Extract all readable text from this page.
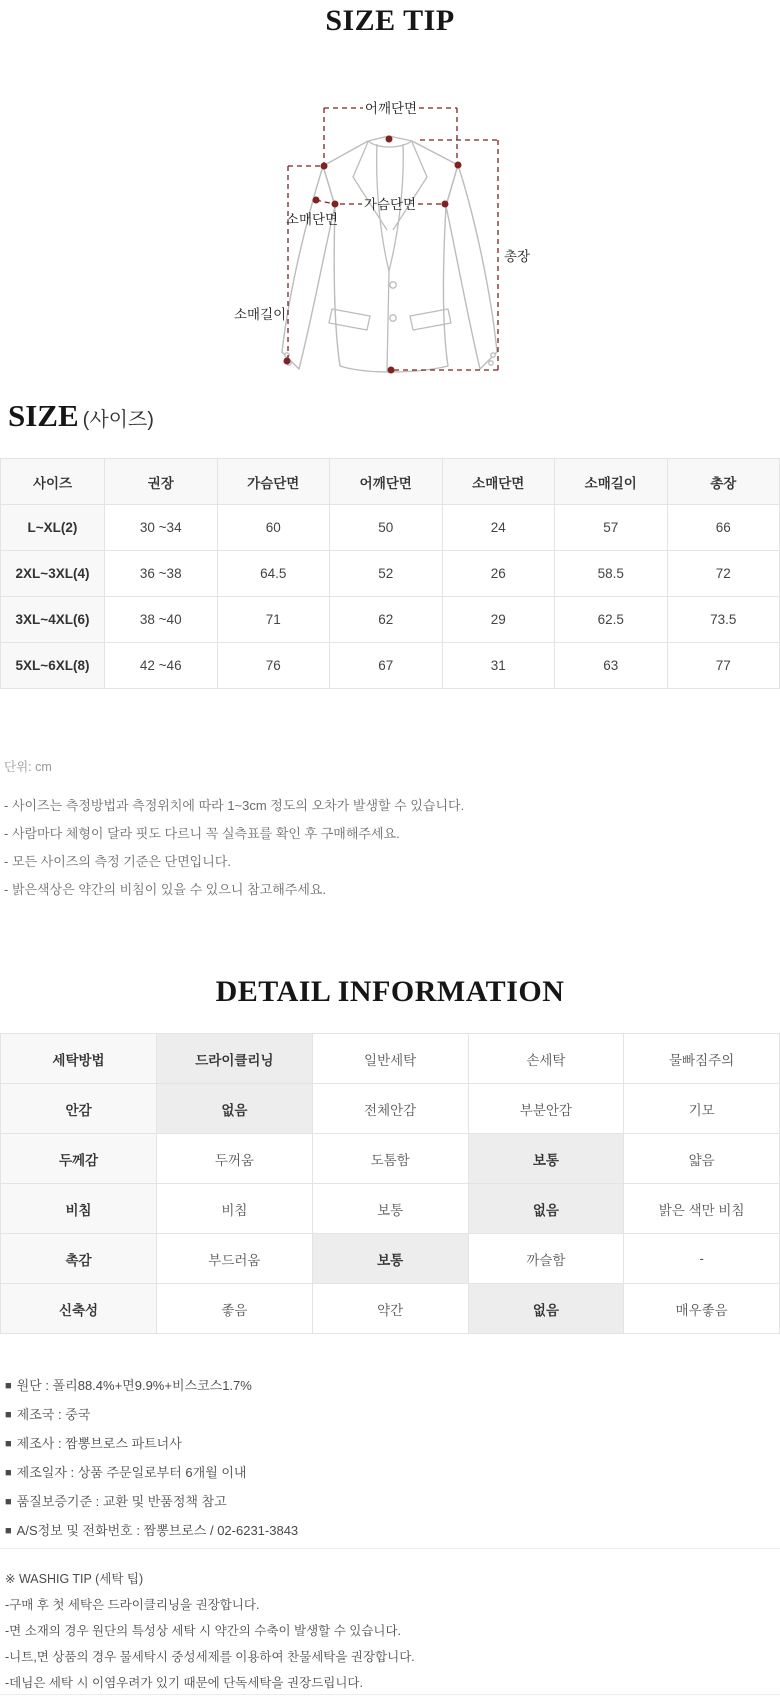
SIZE TIP
어깨단면
가슴단면
소매단면
총장
소매길이
SIZE (사이즈)
사이즈	권장	가슴단면	어깨단면	소매단면	소매길이	총장
L~XL(2)	30 ~34	60	50	24	57	66
2XL~3XL(4)	36 ~38	64.5	52	26	58.5	72
3XL~4XL(6)	38 ~40	71	62	29	62.5	73.5
5XL~6XL(8)	42 ~46	76	67	31	63	77
단위: cm
- 사이즈는 측정방법과 측정위치에 따라 1~3cm 정도의 오차가 발생할 수 있습니다.
- 사람마다 체형이 달라 핏도 다르니 꼭 실측표를 확인 후 구매해주세요.
- 모든 사이즈의 측정 기준은 단면입니다.
- 밝은색상은 약간의 비침이 있을 수 있으니 참고해주세요.
DETAIL INFORMATION
세탁방법	드라이클리닝	일반세탁	손세탁	물빠짐주의
안감	없음	전체안감	부분안감	기모
두께감	두꺼움	도톰함	보통	얇음
비침	비침	보통	없음	밝은 색만 비침
촉감	부드러움	보통	까슬함	-
신축성	좋음	약간	없음	매우좋음
■ 원단 : 폴리88.4%+면9.9%+비스코스1.7%
■ 제조국 : 중국
■ 제조사 : 짬뽕브로스 파트너사
■ 제조일자 : 상품 주문일로부터 6개월 이내
■ 품질보증기준 : 교환 및 반품정책 참고
■ A/S정보 및 전화번호 : 짬뽕브로스 / 02-6231-3843
※ WASHIG TIP (세탁 팁)
-구매 후 첫 세탁은 드라이클리닝을 권장합니다.
-면 소재의 경우 원단의 특성상 세탁 시 약간의 수축이 발생할 수 있습니다.
-니트,면 상품의 경우 물세탁시 중성세제를 이용하여 찬물세탁을 권장합니다.
-데님은 세탁 시 이염우려가 있기 때문에 단독세탁을 권장드립니다.
